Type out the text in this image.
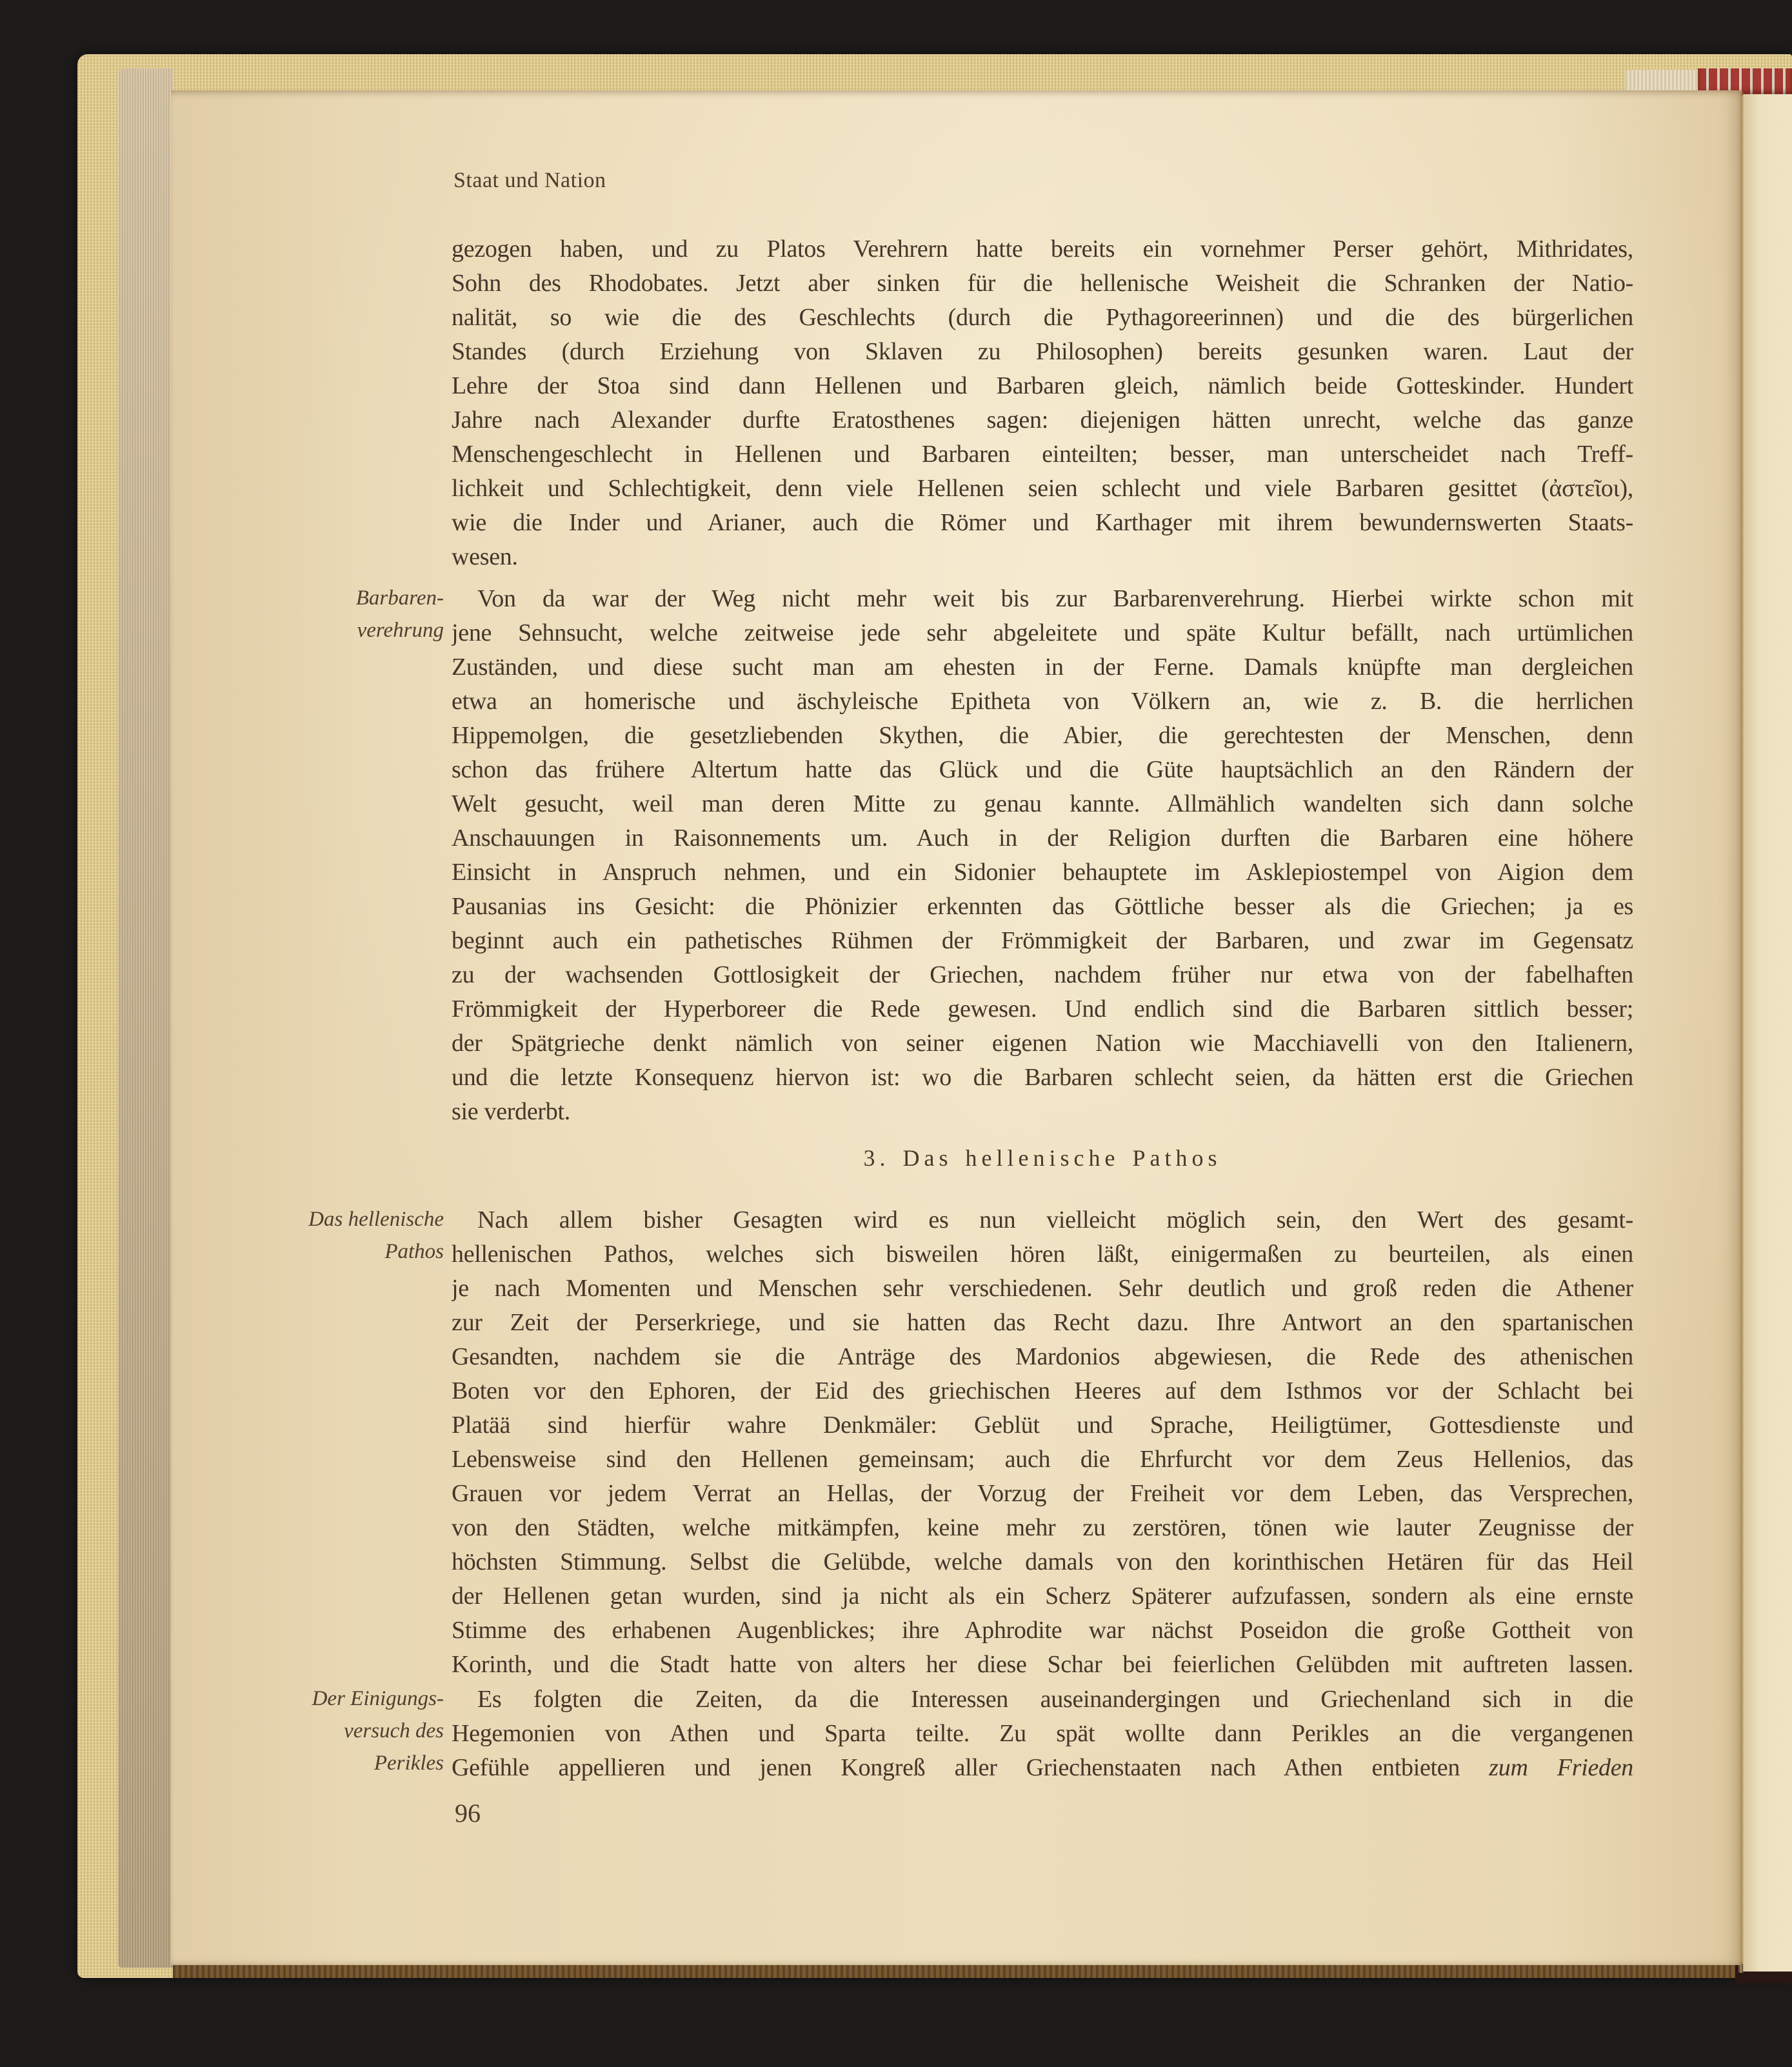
Staat und Nation
Barbaren-
verehrung
Das hellenische
Pathos
Der Einigungs-
versuch des
Perikles
gezogen haben, und zu Platos Verehrern hatte bereits ein vornehmer Perser gehört, Mithridates,
Sohn des Rhodobates. Jetzt aber sinken für die hellenische Weisheit die Schranken der Natio-
nalität, so wie die des Geschlechts (durch die Pythagoreerinnen) und die des bürgerlichen
Standes (durch Erziehung von Sklaven zu Philosophen) bereits gesunken waren. Laut der
Lehre der Stoa sind dann Hellenen und Barbaren gleich, nämlich beide Gotteskinder. Hundert
Jahre nach Alexander durfte Eratosthenes sagen: diejenigen hätten unrecht, welche das ganze
Menschengeschlecht in Hellenen und Barbaren einteilten; besser, man unterscheidet nach Treff-
lichkeit und Schlechtigkeit, denn viele Hellenen seien schlecht und viele Barbaren gesittet (ἀστεῖοι),
wie die Inder und Arianer, auch die Römer und Karthager mit ihrem bewundernswerten Staats-
wesen.
Von da war der Weg nicht mehr weit bis zur Barbarenverehrung. Hierbei wirkte schon mit
jene Sehnsucht, welche zeitweise jede sehr abgeleitete und späte Kultur befällt, nach urtümlichen
Zuständen, und diese sucht man am ehesten in der Ferne. Damals knüpfte man dergleichen
etwa an homerische und äschyleische Epitheta von Völkern an, wie z. B. die herrlichen
Hippemolgen, die gesetzliebenden Skythen, die Abier, die gerechtesten der Menschen, denn
schon das frühere Altertum hatte das Glück und die Güte hauptsächlich an den Rändern der
Welt gesucht, weil man deren Mitte zu genau kannte. Allmählich wandelten sich dann solche
Anschauungen in Raisonnements um. Auch in der Religion durften die Barbaren eine höhere
Einsicht in Anspruch nehmen, und ein Sidonier behauptete im Asklepiostempel von Aigion dem
Pausanias ins Gesicht: die Phönizier erkennten das Göttliche besser als die Griechen; ja es
beginnt auch ein pathetisches Rühmen der Frömmigkeit der Barbaren, und zwar im Gegensatz
zu der wachsenden Gottlosigkeit der Griechen, nachdem früher nur etwa von der fabelhaften
Frömmigkeit der Hyperboreer die Rede gewesen. Und endlich sind die Barbaren sittlich besser;
der Spätgrieche denkt nämlich von seiner eigenen Nation wie Macchiavelli von den Italienern,
und die letzte Konsequenz hiervon ist: wo die Barbaren schlecht seien, da hätten erst die Griechen
sie verderbt.
3. Das hellenische Pathos
Nach allem bisher Gesagten wird es nun vielleicht möglich sein, den Wert des gesamt-
hellenischen Pathos, welches sich bisweilen hören läßt, einigermaßen zu beurteilen, als einen
je nach Momenten und Menschen sehr verschiedenen. Sehr deutlich und groß reden die Athener
zur Zeit der Perserkriege, und sie hatten das Recht dazu. Ihre Antwort an den spartanischen
Gesandten, nachdem sie die Anträge des Mardonios abgewiesen, die Rede des athenischen
Boten vor den Ephoren, der Eid des griechischen Heeres auf dem Isthmos vor der Schlacht bei
Platää sind hierfür wahre Denkmäler: Geblüt und Sprache, Heiligtümer, Gottesdienste und
Lebensweise sind den Hellenen gemeinsam; auch die Ehrfurcht vor dem Zeus Hellenios, das
Grauen vor jedem Verrat an Hellas, der Vorzug der Freiheit vor dem Leben, das Versprechen,
von den Städten, welche mitkämpfen, keine mehr zu zerstören, tönen wie lauter Zeugnisse der
höchsten Stimmung. Selbst die Gelübde, welche damals von den korinthischen Hetären für das Heil
der Hellenen getan wurden, sind ja nicht als ein Scherz Späterer aufzufassen, sondern als eine ernste
Stimme des erhabenen Augenblickes; ihre Aphrodite war nächst Poseidon die große Gottheit von
Korinth, und die Stadt hatte von alters her diese Schar bei feierlichen Gelübden mit auftreten lassen.
Es folgten die Zeiten, da die Interessen auseinandergingen und Griechenland sich in die
Hegemonien von Athen und Sparta teilte. Zu spät wollte dann Perikles an die vergangenen
Gefühle appellieren und jenen Kongreß aller Griechenstaaten nach Athen entbieten zum Frieden
96
